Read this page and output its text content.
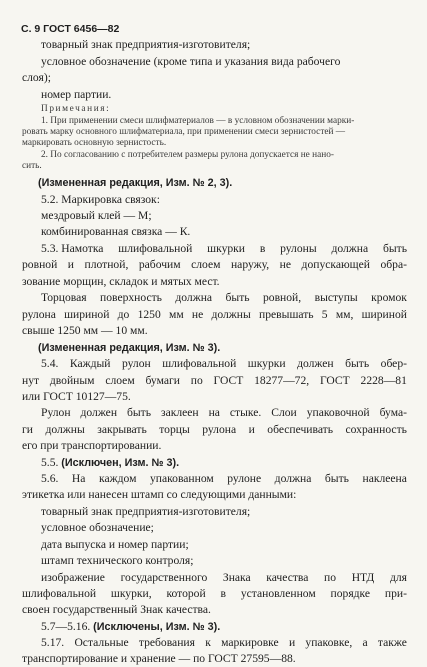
С. 9 ГОСТ 6456—82

товарный знак предприятия-изготовителя;

условное обозначение (кроме типа и указания вида рабочего

слоя);

номер партии.

Примечания:

1. При применении смеси шлифматериалов — в условном обозначении марки-

ровать марку основного шлифматериала, при применении смеси зернистостей —

маркировать основную зернистость.

2. По согласованию с потребителем размеры рулона допускается не нано-

сить.

(Измененная редакция, Изм. № 2, 3).

5.2. Маркировка связок:

мездровый клей — М;

комбинированная связка — К.

5.3. Намотка шлифовальной шкурки в рулоны должна быть

ровной и плотной, рабочим слоем наружу, не допускающей обра-

зование морщин, складок и мятых мест.

Торцовая поверхность должна быть ровной, выступы кромок

рулона шириной до 1250 мм не должны превышать 5 мм, шириной

свыше 1250 мм — 10 мм.

(Измененная редакция, Изм. № 3).

5.4. Каждый рулон шлифовальной шкурки должен быть обер-

нут двойным слоем бумаги по ГОСТ 18277—72, ГОСТ 2228—81

или ГОСТ 10127—75.

Рулон должен быть заклеен на стыке. Слои упаковочной бума-

ги должны закрывать торцы рулона и обеспечивать сохранность

его при транспортировании.

5.5. (Исключен, Изм. № 3).

5.6. На каждом упакованном рулоне должна быть наклеена

этикетка или нанесен штамп со следующими данными:

товарный знак предприятия-изготовителя;

условное обозначение;

дата выпуска и номер партии;

штамп технического контроля;

изображение государственного Знака качества по НТД для

шлифовальной шкурки, которой в установленном порядке при-

своен государственный Знак качества.

5.7—5.16. (Исключены, Изм. № 3).

5.17. Остальные требования к маркировке и упаковке, а также

транспортирование и хранение — по ГОСТ 27595—88.
